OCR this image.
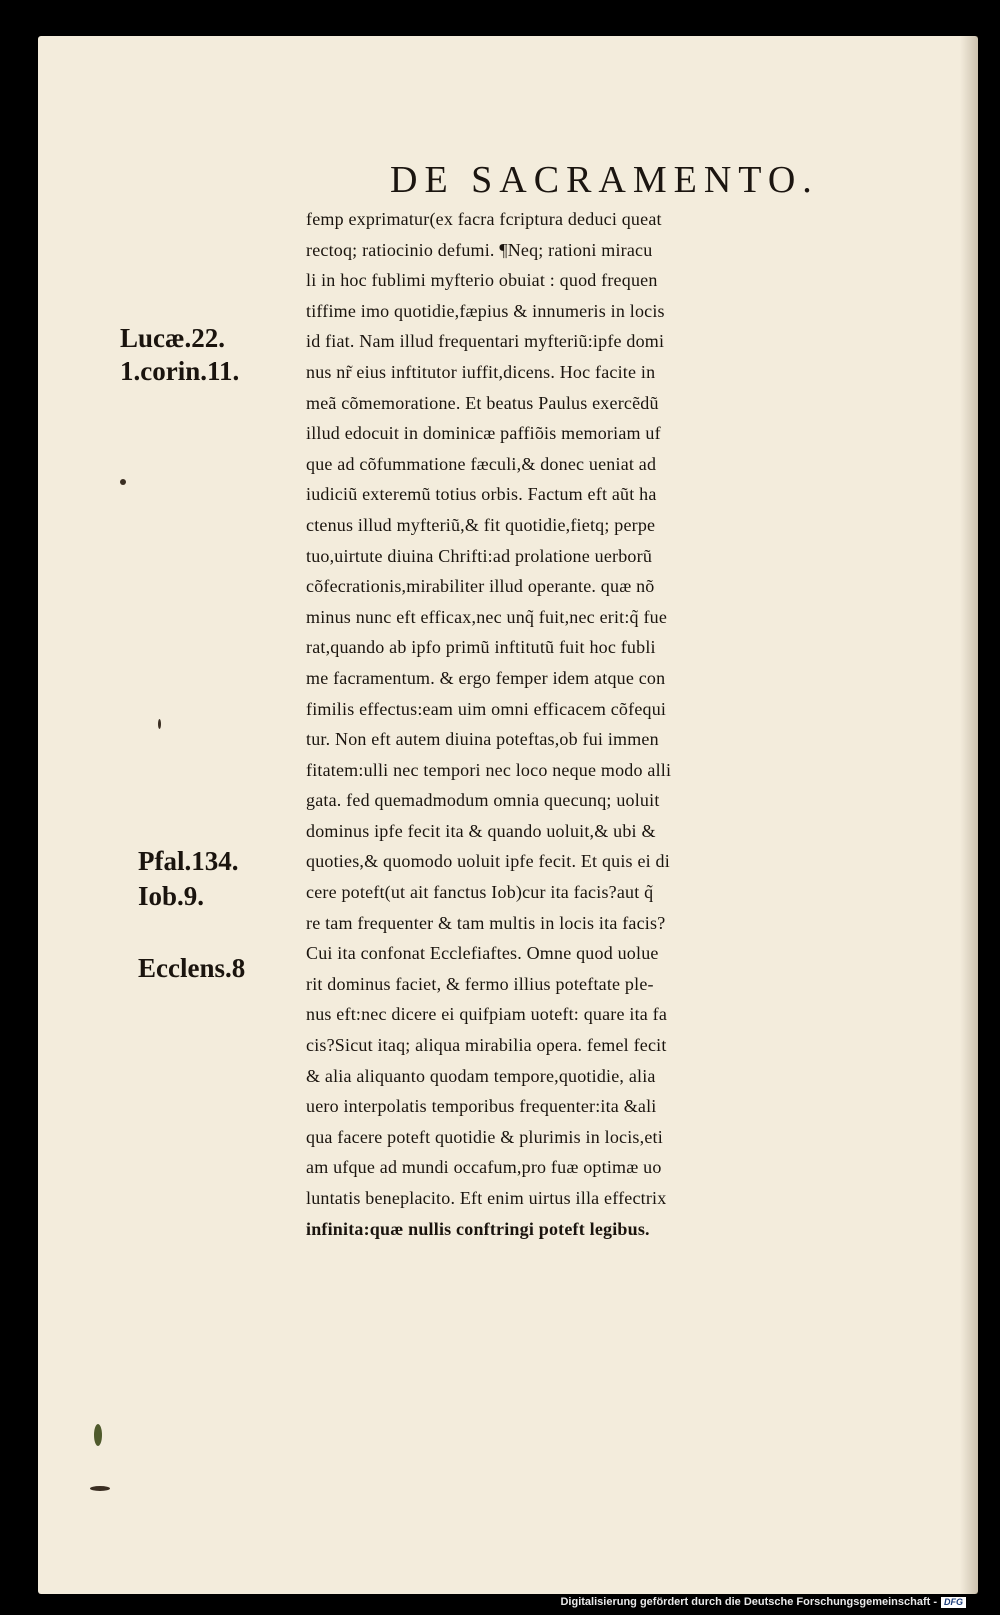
DE SACRAMENTO.
femp exprimatur(ex facra fcriptura deduci queat
rectoq; ratiocinio defumi. ¶Neq; rationi miracu
li in hoc fublimi myfterio obuiat : quod frequen
tiffime imo quotidie,fæpius & innumeris in locis
id fiat. Nam illud frequentari myfteriũ:ipfe domi
nus nr̃ eius inftitutor iuffit,dicens. Hoc facite in
meã cõmemoratione. Et beatus Paulus exercẽdũ
illud edocuit in dominicæ paffiõis memoriam uf
que ad cõfummatione fæculi,& donec ueniat ad
iudiciũ exteremũ totius orbis. Factum eft aũt ha
ctenus illud myfteriũ,& fit quotidie,fietq; perpe
tuo,uirtute diuina Chrifti:ad prolatione uerborũ
cõfecrationis,mirabiliter illud operante. quæ nõ
minus nunc eft efficax,nec unq̃ fuit,nec erit:q̃ fue
rat,quando ab ipfo primũ inftitutũ fuit hoc fubli
me facramentum. & ergo femper idem atque con
fimilis effectus:eam uim omni efficacem cõfequi
tur. Non eft autem diuina poteftas,ob fui immen
fitatem:ulli nec tempori nec loco neque modo alli
gata. fed quemadmodum omnia quecunq; uoluit
dominus ipfe fecit ita & quando uoluit,& ubi &
quoties,& quomodo uoluit ipfe fecit. Et quis ei di
cere poteft(ut ait fanctus Iob)cur ita facis?aut q̃
re tam frequenter & tam multis in locis ita facis?
Cui ita confonat Ecclefiaftes. Omne quod uolue
rit dominus faciet, & fermo illius poteftate ple-
nus eft:nec dicere ei quifpiam uoteft: quare ita fa
cis?Sicut itaq; aliqua mirabilia opera. femel fecit
& alia aliquanto quodam tempore,quotidie, alia
uero interpolatis temporibus frequenter:ita &ali
qua facere poteft quotidie & plurimis in locis,eti
am ufque ad mundi occafum,pro fuæ optimæ uo
luntatis beneplacito. Eft enim uirtus illa effectrix
infinita:quæ nullis conftringi poteft legibus.
Lucæ.22.
1.corin.11.
Pfal.134.
Iob.9.
Ecclens.8
Digitalisierung gefördert durch die Deutsche Forschungsgemeinschaft - DFG
